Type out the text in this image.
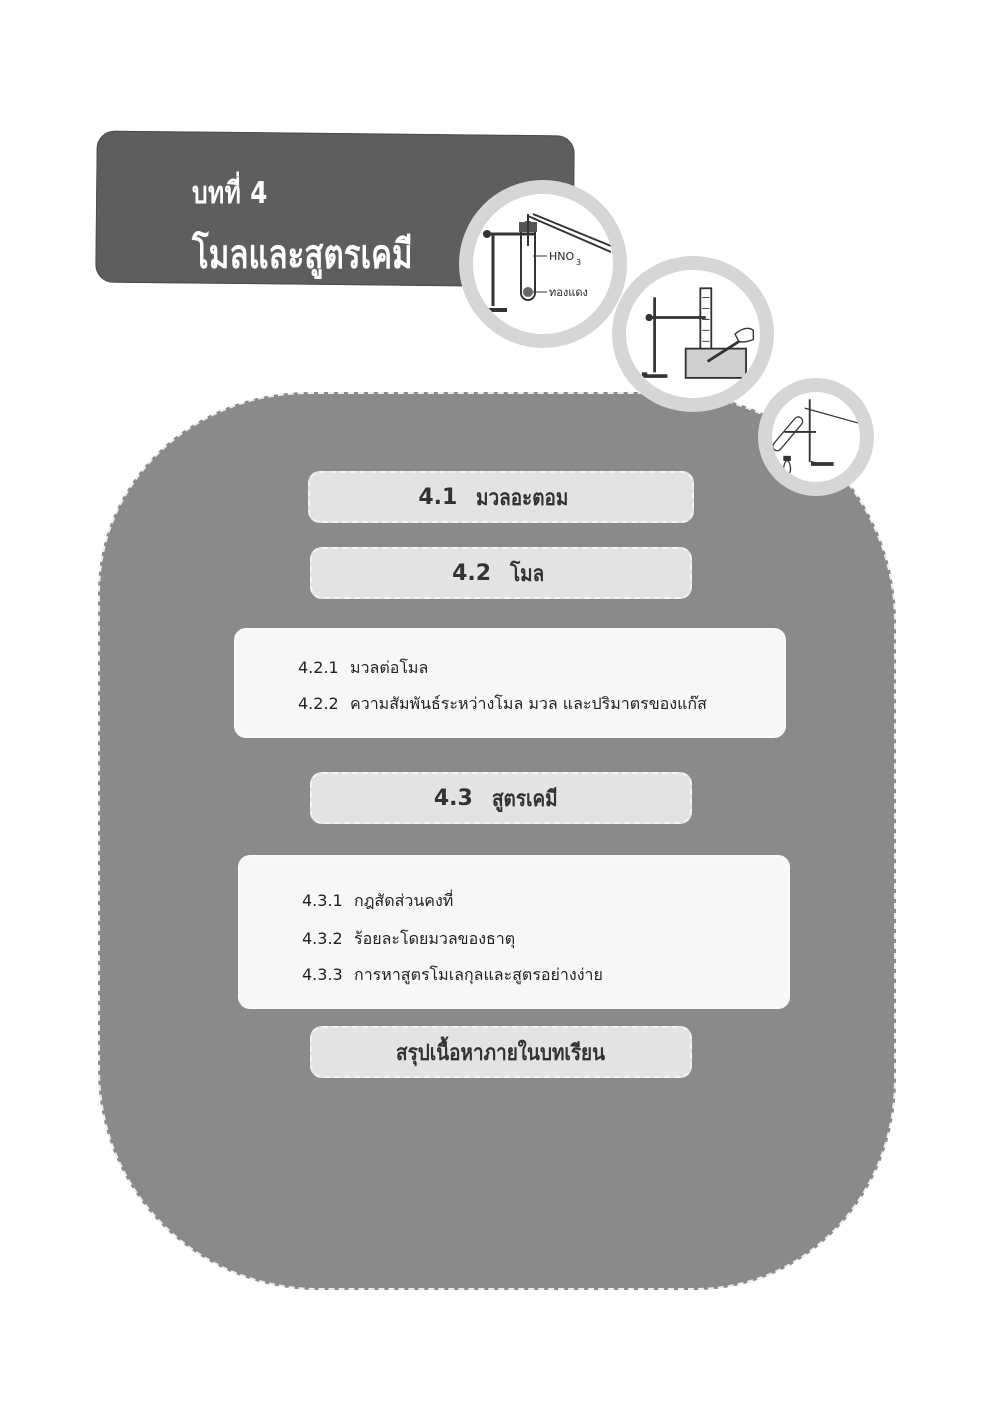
บทที่ 4
โมลและสูตรเคมี	HNO 3
ทองแดง
4.1 มวลอะตอม
4.2 โมล
4.2.1 มวลต่อโมล
4.2.2 ความสัมพันธ์ระหว่างโมล มวล และปริมาตรของแก๊ส
4.3 สูตรเคมี
4.3.1 กฎสัดส่วนคงที่
4.3.2 ร้อยละโดยมวลของธาตุ
4.3.3 การหาสูตรโมเลกุลและสูตรอย่างง่าย
สรุปเนื้อหาภายในบทเรียน
